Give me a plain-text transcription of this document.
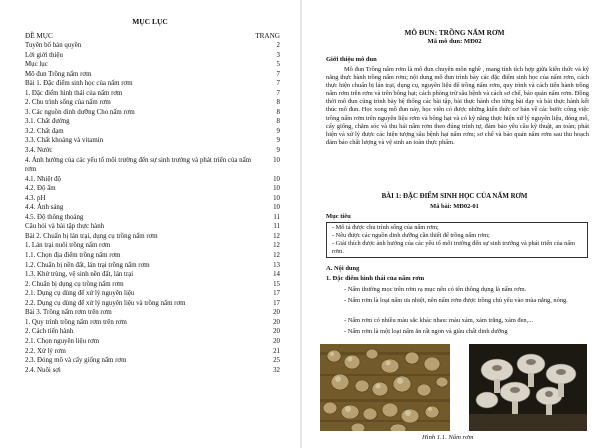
MỤC LỤC
ĐỀ MỤC	TRANG
Tuyên bố bản quyền	2
Lời giới thiệu	3
Mục lục	5
Mô đun Trồng nấm rơm	7
Bài 1. Đặc điểm sinh học của nấm rơm	7
1. Đặc điểm hình thái của nấm rơm	7
2. Chu trình sống của nấm rơm	8
3. Các nguồn dinh dưỡng Cho nấm rơm	8
3.1. Chất đường	8
3.2. Chất đạm	9
3.3. Chất khoáng và vitamin	9
3.4. Nước	9
4. Ảnh hưởng của các yếu tố môi trường đến sự sinh trưởng và phát triển của nấm rơm
10
4.1. Nhiệt độ	10
4.2. Độ ẩm	10
4.3. pH	10
4.4. Ánh sáng	10
4.5. Độ thông thoáng	11
Câu hỏi và bài tập thực hành	11
Bài 2. Chuẩn bị lán trại, dụng cụ trồng nấm rơm	12
1. Lán trại nuôi trồng nấm rơm	12
1.1. Chọn địa điểm trồng nấm rơm	12
1.2. Chuẩn bị nền đất, lán trại trồng nấm rơm	13
1.3. Khử trùng, vệ sinh nền đất, lán trại	14
2. Chuẩn bị dụng cụ trồng nấm rơm	15
2.1. Dụng cụ dùng để xử lý nguyên liệu	17
2.2. Dụng cụ dùng để xử lý nguyên liệu và trồng nấm rơm	17
Bài 3. Trồng nấm rơm trên rơm	20
1. Quy trình trồng nấm rơm trên rơm	20
2. Cách tiến hành	20
2.1. Chọn nguyên liệu rơm	20
2.2. Xử lý rơm	21
2.3. Đóng mô và cấy giống nấm rơm	25
2.4. Nuôi sợi	32
MÔ ĐUN: TRỒNG NẤM RƠM
Mã mô đun: MĐ02
Giới thiệu mô đun
Mô đun Trồng nấm rơm là mô đun chuyên môn nghề , mang tính tích hợp giữa kiến thức và kỹ năng thực hành trồng nấm rơm; nội dung mô đun trình bày các đặc điểm sinh học của nấm rơm, cách thực hiện chuẩn bị lán trại, dụng cụ, nguyên liệu để trồng nấm rơm, quy trình và cách tiến hành trồng nấm rơm trên rơm và trên bông hạt; cách phòng trừ sâu bệnh và cách sơ chế, bảo quản nấm rơm. Đồng thời mô đun cũng trình bày hệ thống các bài tập, bài thực hành cho từng bài dạy và bài thực hành kết thúc mô đun. Học xong mô đun này, học viên có được những kiến thức cơ bản về các bước công việc trồng nấm rơm trên nguyên liệu rơm và bông hạt và có kỹ năng thực hiện xử lý nguyên liệu, đóng mô, cấy giống, chăm sóc và thu hái nấm rơm theo đúng trình tự, đảm bảo yêu cầu kỹ thuật, an toàn; phát hiện và xử lý được các hiện tượng sâu bệnh hại nấm rơm; sơ chế và bảo quản nấm rơm sau thu hoạch đảm bảo chất lượng và vệ sinh an toàn thực phẩm.
BÀI 1: ĐẶC ĐIỂM SINH HỌC CỦA NẤM RƠM
Mã bài: MĐ02-01
Mục tiêu
- Mô tả được chu trình sống của nấm rơm;
- Nêu được các nguồn dinh dưỡng cần thiết để trồng nấm rơm;
- Giải thích được ảnh hưởng của các yếu tố môi trường đến sự sinh trưởng và phát triển của nấm rơm.
A. Nội dung
1. Đặc điểm hình thái của nấm rơm
- Nấm thường mọc trên rơm rạ mục nên có tên thông dụng là nấm rơm.
- Nấm rơm là loại nấm ưa nhiệt, nên nấm rơm được trồng chủ yếu vào mùa nắng, nóng.
- Nấm rơm có nhiều màu sắc khác nhau: màu xám, xám trắng, xám đen,...
- Nấm rơm là một loại nấm ăn rất ngon và giàu chất dinh dưỡng
Hình 1.1. Nấm rơm
